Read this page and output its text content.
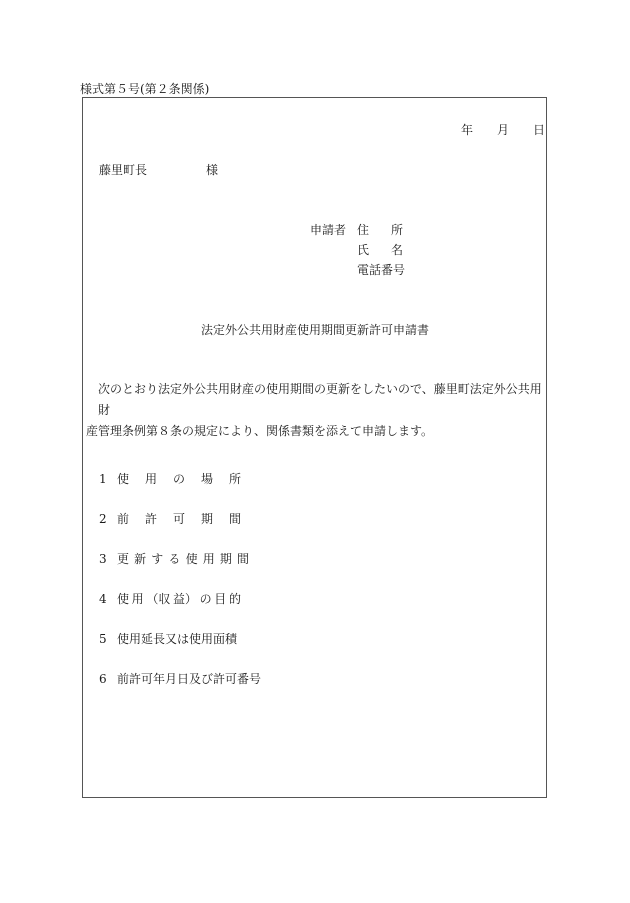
様式第５号(第２条関係)
年 月 日
藤里町長	様
申請者 住 所
氏 名
電話番号
法定外公共用財産使用期間更新許可申請書
次のとおり法定外公共用財産の使用期間の更新をしたいので、藤里町法定外公共用財
産管理条例第８条の規定により、関係書類を添えて申請します。
1 使 用 の 場 所
2 前 許 可 期 間
3 更 新 す る 使 用 期 間
4 使 用 （収 益） の 目 的
5 使用延長又は使用面積
6 前許可年月日及び許可番号
